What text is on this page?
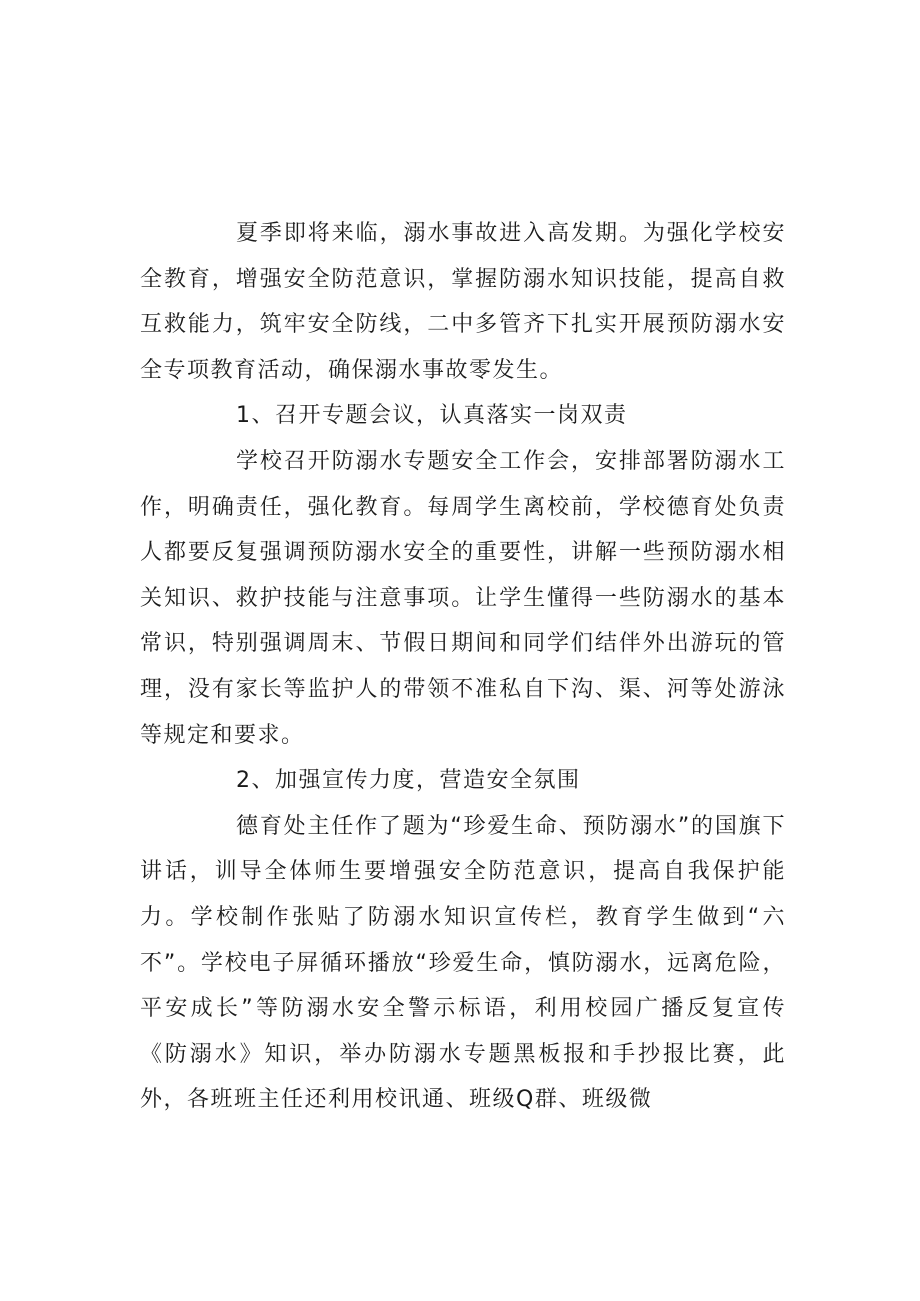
夏季即将来临，溺水事故进入高发期。为强化学校安全教育，增强安全防范意识，掌握防溺水知识技能，提高自救互救能力，筑牢安全防线，二中多管齐下扎实开展预防溺水安全专项教育活动，确保溺水事故零发生。

1、召开专题会议，认真落实一岗双责

学校召开防溺水专题安全工作会，安排部署防溺水工作，明确责任，强化教育。每周学生离校前，学校德育处负责人都要反复强调预防溺水安全的重要性，讲解一些预防溺水相关知识、救护技能与注意事项。让学生懂得一些防溺水的基本常识，特别强调周末、节假日期间和同学们结伴外出游玩的管理，没有家长等监护人的带领不准私自下沟、渠、河等处游泳等规定和要求。

2、加强宣传力度，营造安全氛围

德育处主任作了题为“珍爱生命、预防溺水”的国旗下讲话，训导全体师生要增强安全防范意识，提高自我保护能力。学校制作张贴了防溺水知识宣传栏，教育学生做到“六不”。学校电子屏循环播放“珍爱生命，慎防溺水，远离危险，平安成长”等防溺水安全警示标语，利用校园广播反复宣传《防溺水》知识，举办防溺水专题黑板报和手抄报比赛，此外，各班班主任还利用校讯通、班级Q群、班级微
